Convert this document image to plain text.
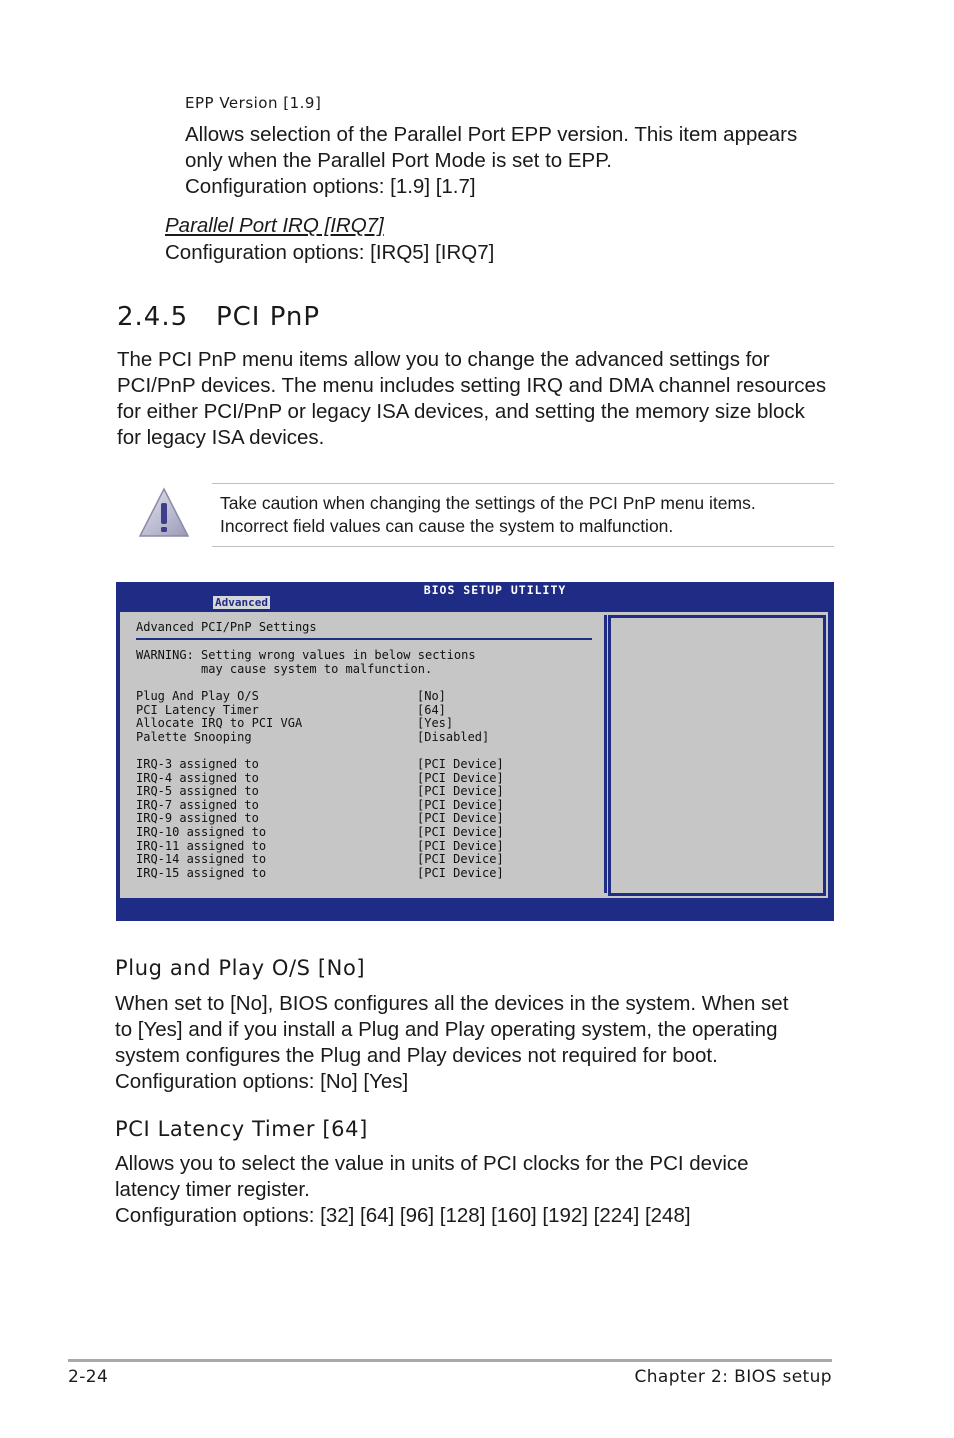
EPP Version [1.9]
Allows selection of the Parallel Port EPP version. This item appears
only when the Parallel Port Mode is set to EPP.
Configuration options: [1.9] [1.7]
Parallel Port IRQ [IRQ7]
Configuration options: [IRQ5] [IRQ7]
2.4.5   PCI PnP
The PCI PnP menu items allow you to change the advanced settings for
PCI/PnP devices. The menu includes setting IRQ and DMA channel resources
for either PCI/PnP or legacy ISA devices, and setting the memory size block
for legacy ISA devices.
Take caution when changing the settings of the PCI PnP menu items.
Incorrect field values can cause the system to malfunction.
BIOS SETUP UTILITY
Advanced
Advanced PCI/PnP Settings
WARNING: Setting wrong values in below sections
may cause system to malfunction.
Plug And Play O/S	[No]
PCI Latency Timer	[64]
Allocate IRQ to PCI VGA	[Yes]
Palette Snooping	[Disabled]
IRQ-3 assigned to	[PCI Device]
IRQ-4 assigned to	[PCI Device]
IRQ-5 assigned to	[PCI Device]
IRQ-7 assigned to	[PCI Device]
IRQ-9 assigned to	[PCI Device]
IRQ-10 assigned to	[PCI Device]
IRQ-11 assigned to	[PCI Device]
IRQ-14 assigned to	[PCI Device]
IRQ-15 assigned to	[PCI Device]
Plug and Play O/S [No]
When set to [No], BIOS configures all the devices in the system. When set
to [Yes] and if you install a Plug and Play operating system, the operating
system configures the Plug and Play devices not required for boot.
Configuration options: [No] [Yes]
PCI Latency Timer [64]
Allows you to select the value in units of PCI clocks for the PCI device
latency timer register.
Configuration options: [32] [64] [96] [128] [160] [192] [224] [248]
2-24	Chapter 2: BIOS setup
